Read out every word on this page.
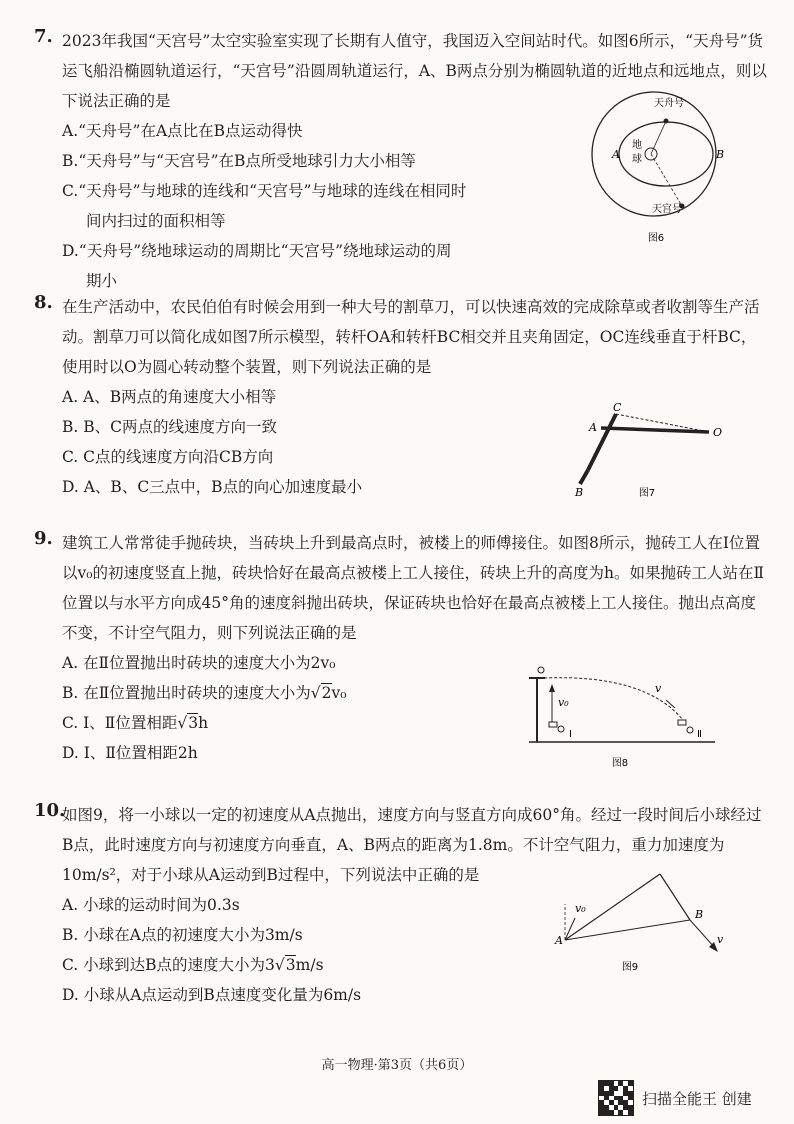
7. 2023年我国“天宫号”太空实验室实现了长期有人值守，我国迈入空间站时代。如图6所示，“天舟号”货运飞船沿椭圆轨道运行，“天宫号”沿圆周轨道运行，A、B两点分别为椭圆轨道的近地点和远地点，则以下说法正确的是
A.“天舟号”在A点比在B点运动得快
B.“天舟号”与“天宫号”在B点所受地球引力大小相等
C.“天舟号”与地球的连线和“天宫号”与地球的连线在相同时
间内扫过的面积相等
D.“天舟号”绕地球运动的周期比“天宫号”绕地球运动的周
期小
天舟号
天宫号
地
球
A	B
图6
8. 在生产活动中，农民伯伯有时候会用到一种大号的割草刀，可以快速高效的完成除草或者收割等生产活动。割草刀可以简化成如图7所示模型，转杆OA和转杆BC相交并且夹角固定，OC连线垂直于杆BC，使用时以O为圆心转动整个装置，则下列说法正确的是
A. A、B两点的角速度大小相等
B. B、C两点的线速度方向一致
C. C点的线速度方向沿CB方向
D. A、B、C三点中，B点的向心加速度最小
C
A	O
B	图7
9. 建筑工人常常徒手抛砖块，当砖块上升到最高点时，被楼上的师傅接住。如图8所示，抛砖工人在Ⅰ位置以v₀的初速度竖直上抛，砖块恰好在最高点被楼上工人接住，砖块上升的高度为h。如果抛砖工人站在Ⅱ位置以与水平方向成45°角的速度斜抛出砖块，保证砖块也恰好在最高点被楼上工人接住。抛出点高度不变，不计空气阻力，则下列说法正确的是
A. 在Ⅱ位置抛出时砖块的速度大小为2v₀
B. 在Ⅱ位置抛出时砖块的速度大小为√2v₀
C. Ⅰ、Ⅱ位置相距√3h
D. Ⅰ、Ⅱ位置相距2h
v₀
v
Ⅰ	Ⅱ
图8
10.
如图9，将一小球以一定的初速度从A点抛出，速度方向与竖直方向成60°角。经过一段时间后小球经过B点，此时速度方向与初速度方向垂直，A、B两点的距离为1.8m。不计空气阻力，重力加速度为10m/s²，对于小球从A运动到B过程中，下列说法中正确的是
A. 小球的运动时间为0.3s
B. 小球在A点的初速度大小为3m/s
C. 小球到达B点的速度大小为3√3m/s
D. 小球从A点运动到B点速度变化量为6m/s
A
B
v₀
v
图9
高一物理·第3页（共6页）
扫描全能王 创建
